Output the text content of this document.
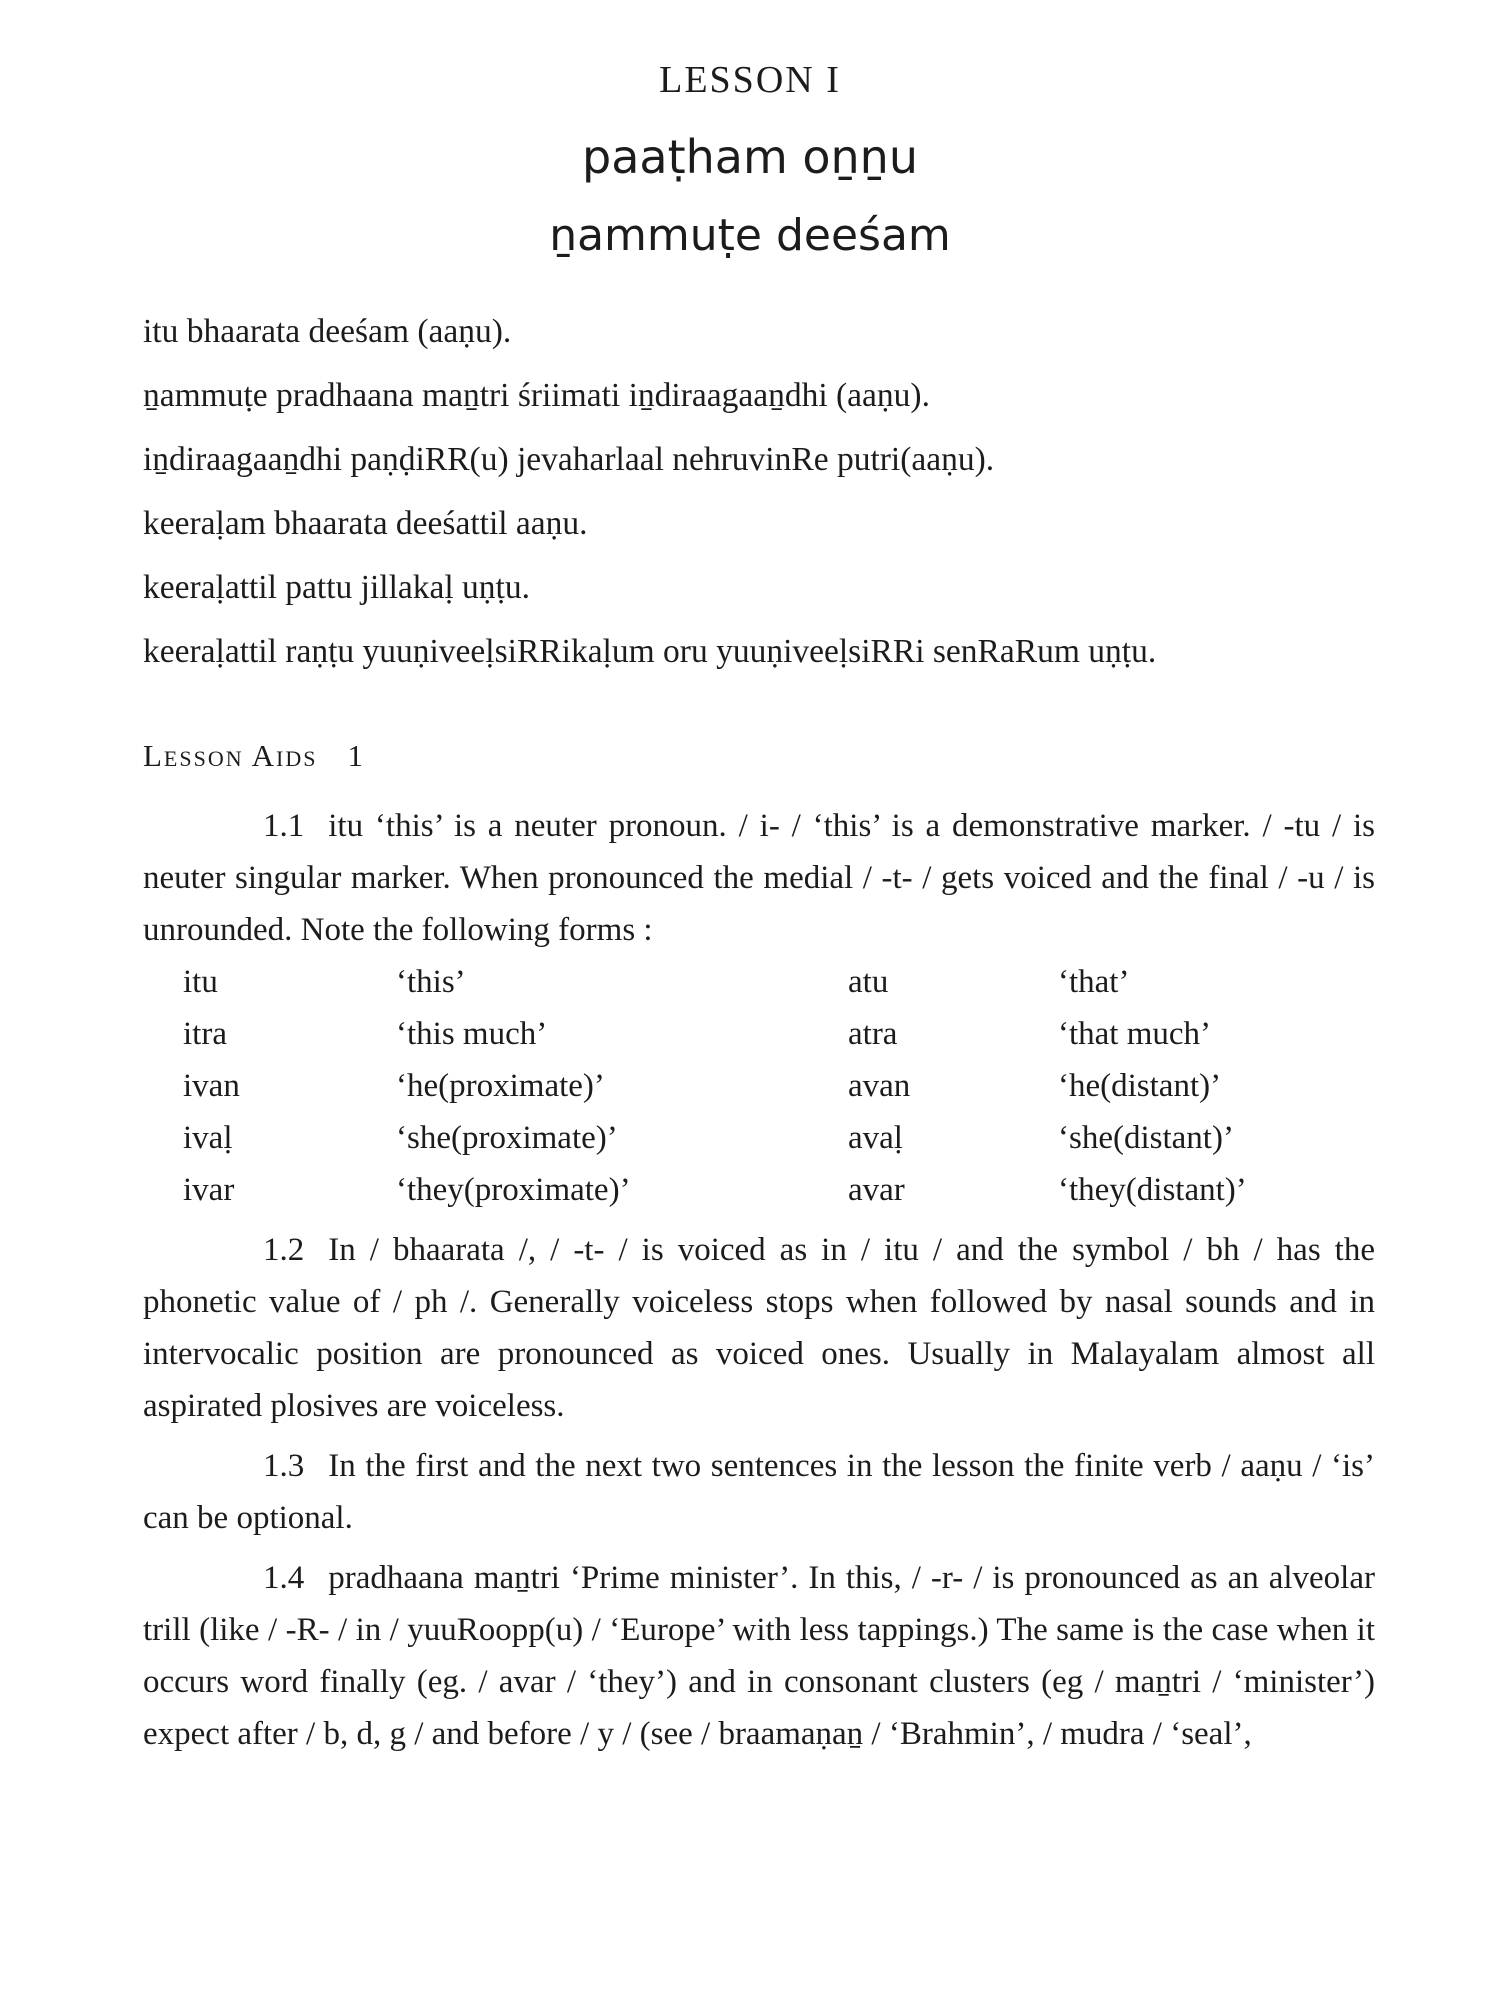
LESSON I
paaṭham oṉṉu
ṉammuṭe deeśam

itu bhaarata deeśam (aaṇu).

ṉammuṭe pradhaana maṉtri śriimati iṉdiraagaaṉdhi (aaṇu).

iṉdiraagaaṉdhi paṇḍiRR(u) jevaharlaal nehruvinRe putri(aaṇu).

keeraḷam bhaarata deeśattil aaṇu.

keeraḷattil pattu jillakaḷ uṇṭu.

keeraḷattil raṇṭu yuuṇiveeḷsiRRikaḷum oru yuuṇiveeḷsiRRi senRaRum uṇṭu.

Lesson Aids 1

1.1 itu ‘this’ is a neuter pronoun. / i- / ‘this’ is a demonstrative marker. / -tu / is neuter singular marker. When pronounced the medial / -t- / gets voiced and the final / -u / is unrounded. Note the following forms :

itu	‘this’	atu	‘that’
itra	‘this much’	atra	‘that much’
ivan	‘he(proximate)’	avan	‘he(distant)’
ivaḷ	‘she(proximate)’	avaḷ	‘she(distant)’
ivar	‘they(proximate)’	avar	‘they(distant)’

1.2 In / bhaarata /, / -t- / is voiced as in / itu / and the symbol / bh / has the phonetic value of / ph /. Generally voiceless stops when followed by nasal sounds and in intervocalic position are pronounced as voiced ones. Usually in Malayalam almost all aspirated plosives are voiceless.

1.3 In the first and the next two sentences in the lesson the finite verb / aaṇu / ‘is’ can be optional.

1.4 pradhaana maṉtri ‘Prime minister’. In this, / -r- / is pronounced as an alveolar trill (like / -R- / in / yuuRoopp(u) / ‘Europe’ with less tappings.) The same is the case when it occurs word finally (eg. / avar / ‘they’) and in consonant clusters (eg / maṉtri / ‘minister’) expect after / b, d, g / and before / y / (see / braamaṇaṉ / ‘Brahmin’, / mudra / ‘seal’,
